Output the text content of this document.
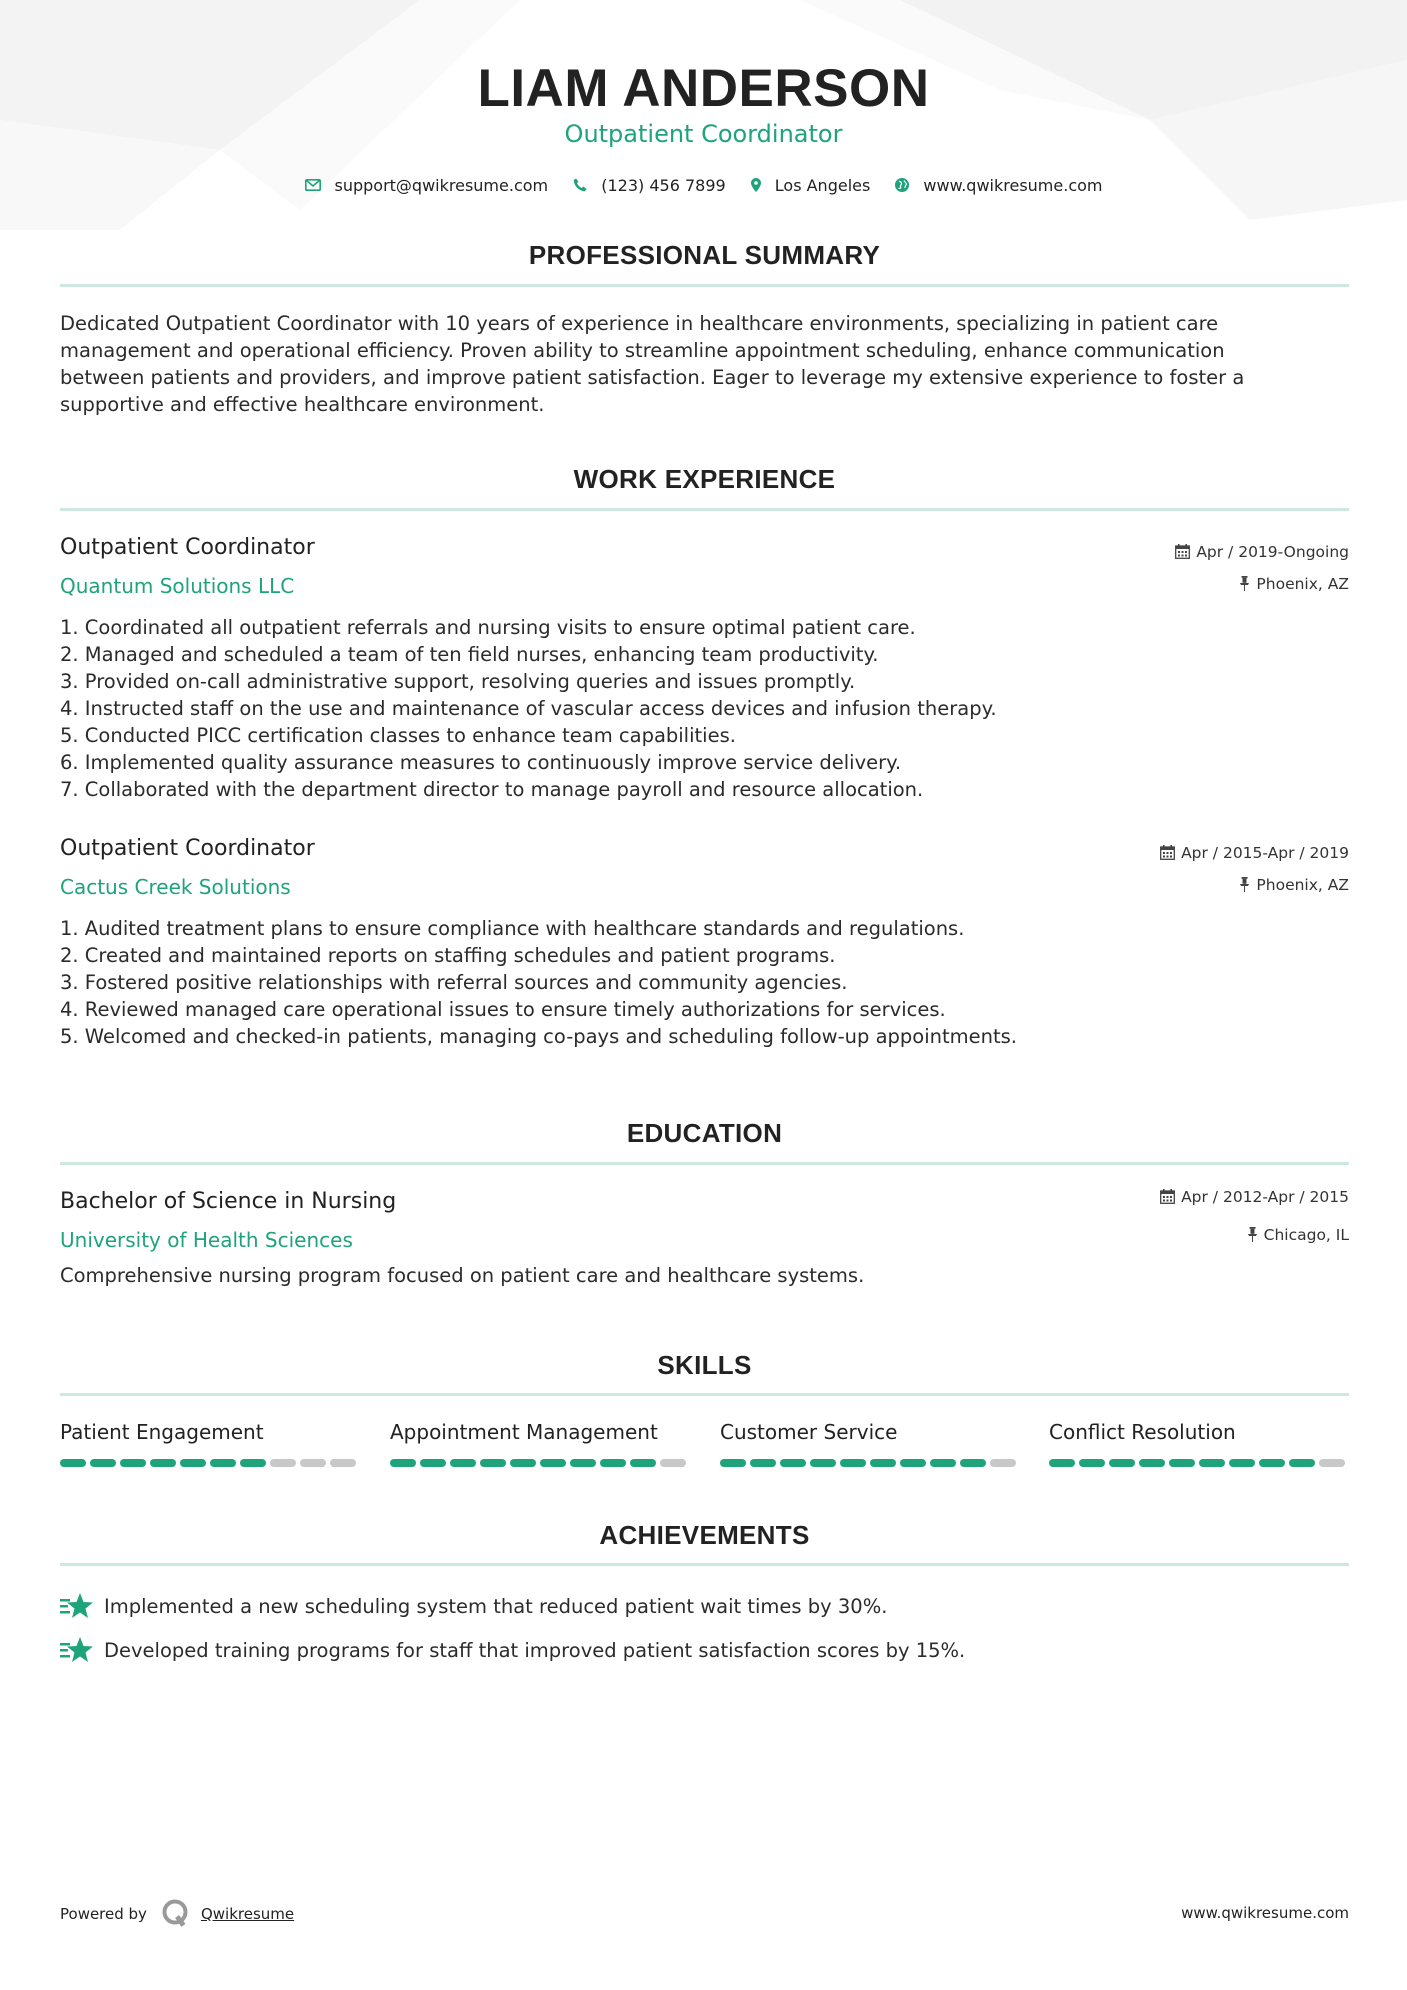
LIAM ANDERSON
Outpatient Coordinator
support@qwikresume.com	(123) 456 7899	Los Angeles	www.qwikresume.com
PROFESSIONAL SUMMARY
Dedicated Outpatient Coordinator with 10 years of experience in healthcare environments, specializing in patient care
management and operational efficiency. Proven ability to streamline appointment scheduling, enhance communication
between patients and providers, and improve patient satisfaction. Eager to leverage my extensive experience to foster a
supportive and effective healthcare environment.
WORK EXPERIENCE
Outpatient Coordinator
Quantum Solutions LLC
Apr / 2019-Ongoing
Phoenix, AZ
1. Coordinated all outpatient referrals and nursing visits to ensure optimal patient care.
2. Managed and scheduled a team of ten field nurses, enhancing team productivity.
3. Provided on-call administrative support, resolving queries and issues promptly.
4. Instructed staff on the use and maintenance of vascular access devices and infusion therapy.
5. Conducted PICC certification classes to enhance team capabilities.
6. Implemented quality assurance measures to continuously improve service delivery.
7. Collaborated with the department director to manage payroll and resource allocation.
Outpatient Coordinator
Cactus Creek Solutions
Apr / 2015-Apr / 2019
Phoenix, AZ
1. Audited treatment plans to ensure compliance with healthcare standards and regulations.
2. Created and maintained reports on staffing schedules and patient programs.
3. Fostered positive relationships with referral sources and community agencies.
4. Reviewed managed care operational issues to ensure timely authorizations for services.
5. Welcomed and checked-in patients, managing co-pays and scheduling follow-up appointments.
EDUCATION
Bachelor of Science in Nursing
University of Health Sciences
Apr / 2012-Apr / 2015
Chicago, IL
Comprehensive nursing program focused on patient care and healthcare systems.
SKILLS
Patient Engagement	Appointment Management	Customer Service	Conflict Resolution
ACHIEVEMENTS
Implemented a new scheduling system that reduced patient wait times by 30%.
Developed training programs for staff that improved patient satisfaction scores by 15%.
Powered by	Qwikresume	www.qwikresume.com
